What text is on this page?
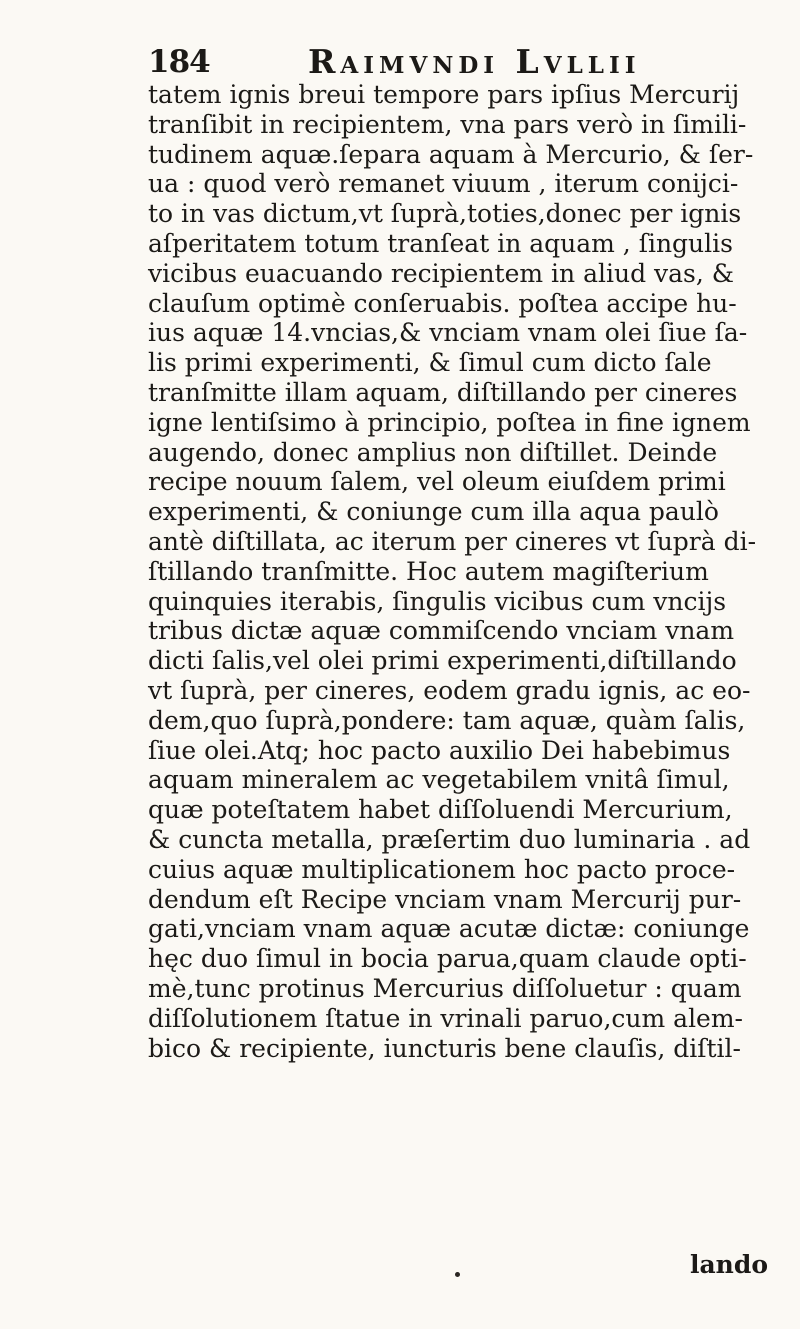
184	Raimvndi Lvllii
tatem ignis breui tempore pars ipſius Mercurij
tranſibit in recipientem, vna pars verò in ſimili-
tudinem aquæ.ſepara aquam à Mercurio, & ſer-
ua : quod verò remanet viuum , iterum conijci-
to in vas dictum,vt ſuprà,toties,donec per ignis
aſperitatem totum tranſeat in aquam , ſingulis
vicibus euacuando recipientem in aliud vas, &
clauſum optimè conſeruabis. poſtea accipe hu-
ius aquæ 14.vncias,& vnciam vnam olei ſiue ſa-
lis primi experimenti, & ſimul cum dicto ſale
tranſmitte illam aquam, diſtillando per cineres
igne lentiſsimo à principio, poſtea in fine ignem
augendo, donec amplius non diſtillet. Deinde
recipe nouum ſalem, vel oleum eiuſdem primi
experimenti, & coniunge cum illa aqua paulò
antè diſtillata, ac iterum per cineres vt ſuprà di-
ſtillando tranſmitte. Hoc autem magiſterium
quinquies iterabis, ſingulis vicibus cum vncijs
tribus dictæ aquæ commiſcendo vnciam vnam
dicti ſalis,vel olei primi experimenti,diſtillando
vt ſuprà, per cineres, eodem gradu ignis, ac eo-
dem,quo ſuprà,pondere: tam aquæ, quàm ſalis,
ſiue olei.Atq; hoc pacto auxilio Dei habebimus
aquam mineralem ac vegetabilem vnitâ ſimul,
quæ poteſtatem habet diſſoluendi Mercurium,
& cuncta metalla, præſertim duo luminaria . ad
cuius aquæ multiplicationem hoc pacto proce-
dendum eſt Recipe vnciam vnam Mercurij pur-
gati,vnciam vnam aquæ acutæ dictæ: coniunge
hęc duo ſimul in bocia parua,quam claude opti-
mè,tunc protinus Mercurius diſſoluetur : quam
diſſolutionem ſtatue in vrinali paruo,cum alem-
bico & recipiente, iuncturis bene clauſis, diſtil-
lando
